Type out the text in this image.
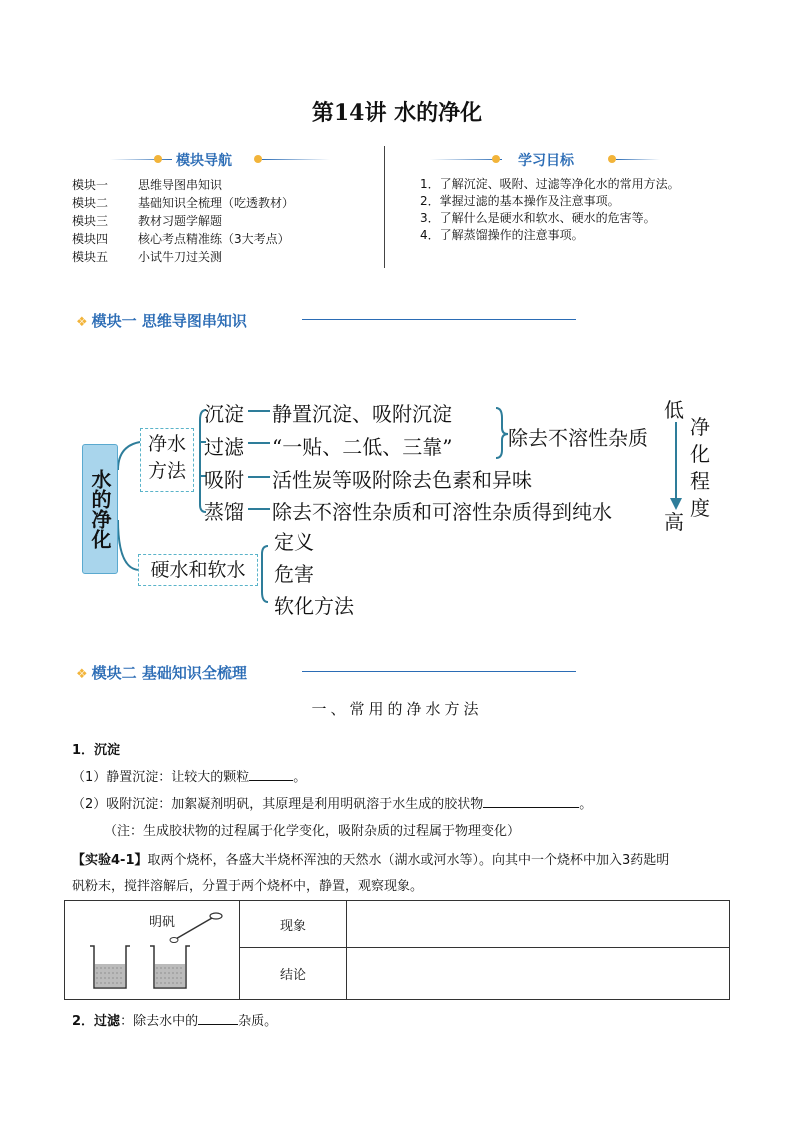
第14讲 水的净化
模块导航
模块一 思维导图串知识
模块二 基础知识全梳理（吃透教材）
模块三 教材习题学解题
模块四 核心考点精准练（3大考点）
模块五 小试牛刀过关测
学习目标
1．了解沉淀、吸附、过滤等净化水的常用方法。
2．掌握过滤的基本操作及注意事项。
3．了解什么是硬水和软水、硬水的危害等。
4．了解蒸馏操作的注意事项。
❖ 模块一 思维导图串知识
水的净化
净水方法
硬水和软水
沉淀 静置沉淀、吸附沉淀
过滤 “一贴、二低、三靠”
吸附 活性炭等吸附除去色素和异味
蒸馏 除去不溶性杂质和可溶性杂质得到纯水
除去不溶性杂质
低
高
净
化
程
度
定义
危害
软化方法
❖ 模块二 基础知识全梳理
一、常用的净水方法
1．沉淀
（1）静置沉淀：让较大的颗粒	。
（2）吸附沉淀：加絮凝剂明矾，其原理是利用明矾溶于水生成的胶状物	。
（注：生成胶状物的过程属于化学变化，吸附杂质的过程属于物理变化）
【实验4-1】取两个烧杯，各盛大半烧杯浑浊的天然水（湖水或河水等）。向其中一个烧杯中加入3药匙明
矾粉末，搅拌溶解后，分置于两个烧杯中，静置，观察现象。
明矾	现象	
	结论	
2．过滤：除去水中的	杂质。
